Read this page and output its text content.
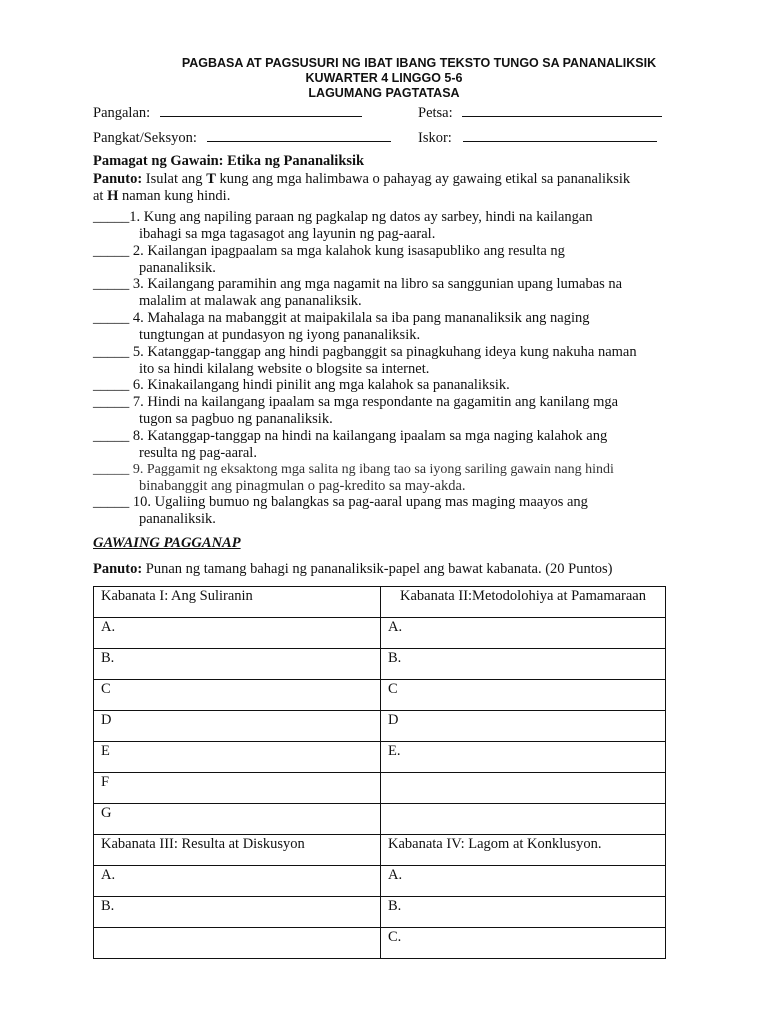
PAGBASA AT PAGSUSURI NG IBAT IBANG TEKSTO TUNGO SA PANANALIKSIK
KUWARTER 4 LINGGO 5-6
LAGUMANG PAGTATASA
Pangalan:	Petsa:
Pangkat/Seksyon:	Iskor:
Pamagat ng Gawain: Etika ng Pananaliksik
Panuto: Isulat ang T kung ang mga halimbawa o pahayag ay gawaing etikal sa pananaliksik
at H naman kung hindi.
_____1. Kung ang napiling paraan ng pagkalap ng datos ay sarbey, hindi na kailangan
ibahagi sa mga tagasagot ang layunin ng pag-aaral.
_____ 2. Kailangan ipagpaalam sa mga kalahok kung isasapubliko ang resulta ng
pananaliksik.
_____ 3. Kailangang paramihin ang mga nagamit na libro sa sanggunian upang lumabas na
malalim at malawak ang pananaliksik.
_____ 4. Mahalaga na mabanggit at maipakilala sa iba pang mananaliksik ang naging
tungtungan at pundasyon ng iyong pananaliksik.
_____ 5. Katanggap-tanggap ang hindi pagbanggit sa pinagkuhang ideya kung nakuha naman
ito sa hindi kilalang website o blogsite sa internet.
_____ 6. Kinakailangang hindi pinilit ang mga kalahok sa pananaliksik.
_____ 7. Hindi na kailangang ipaalam sa mga respondante na gagamitin ang kanilang mga
tugon sa pagbuo ng pananaliksik.
_____ 8. Katanggap-tanggap na hindi na kailangang ipaalam sa mga naging kalahok ang
resulta ng pag-aaral.
_____ 9. Paggamit ng eksaktong mga salita ng ibang tao sa iyong sariling gawain nang hindi
binabanggit ang pinagmulan o pag-kredito sa may-akda.
_____ 10. Ugaliing bumuo ng balangkas sa pag-aaral upang mas maging maayos ang
pananaliksik.
GAWAING PAGGANAP
Panuto: Punan ng tamang bahagi ng pananaliksik-papel ang bawat kabanata. (20 Puntos)
Kabanata I: Ang Suliranin	Kabanata II:Metodolohiya at Pamamaraan
A.	A.
B.	B.
C	C
D	D
E	E.
F	
G	
Kabanata III: Resulta at Diskusyon	Kabanata IV: Lagom at Konklusyon.
A.	A.
B.	B.
	C.
